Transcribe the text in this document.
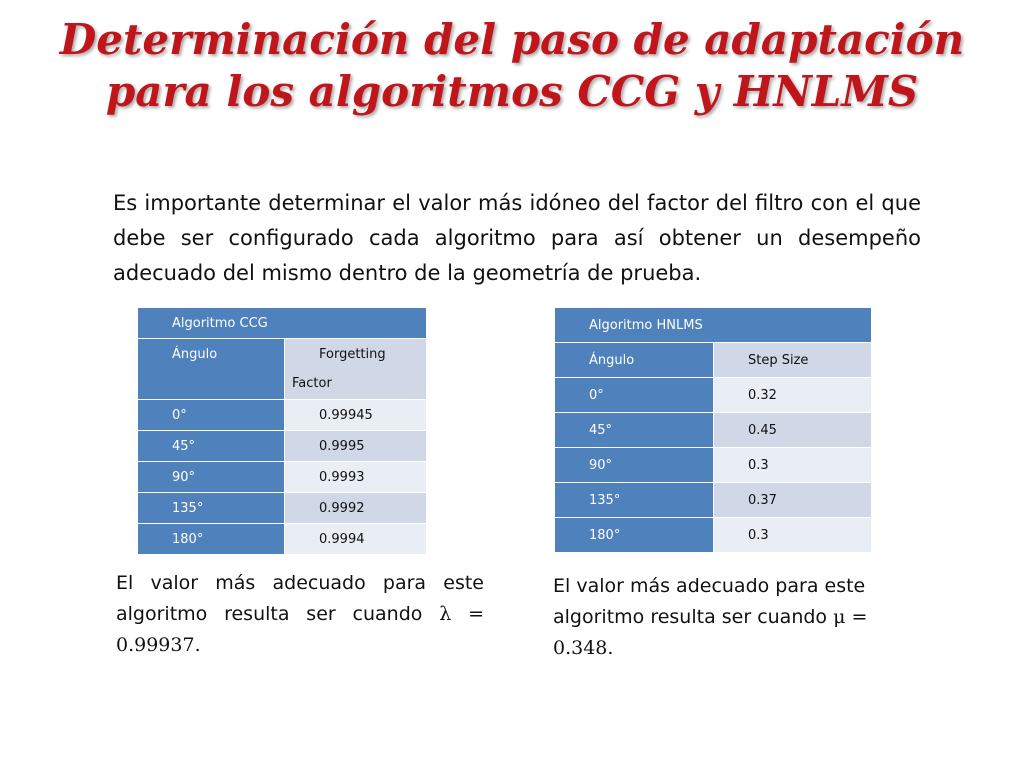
Determinación del paso de adaptación
para los algoritmos CCG y HNLMS
Es importante determinar el valor más idóneo del factor del filtro con el que debe ser configurado cada algoritmo para así obtener un desempeño adecuado del mismo dentro de la geometría de prueba.
Algoritmo CCG	
Ángulo	Forgetting
Factor

0°	0.99945
45°	0.9995
90°	0.9993
135°	0.9992
180°	0.9994
Algoritmo HNLMS	
Ángulo	Step Size
0°	0.32
45°	0.45
90°	0.3
135°	0.37
180°	0.3
El valor más adecuado para este algoritmo resulta ser cuando λ = 0.99937.
El valor más adecuado para este algoritmo resulta ser cuando μ = 0.348.
